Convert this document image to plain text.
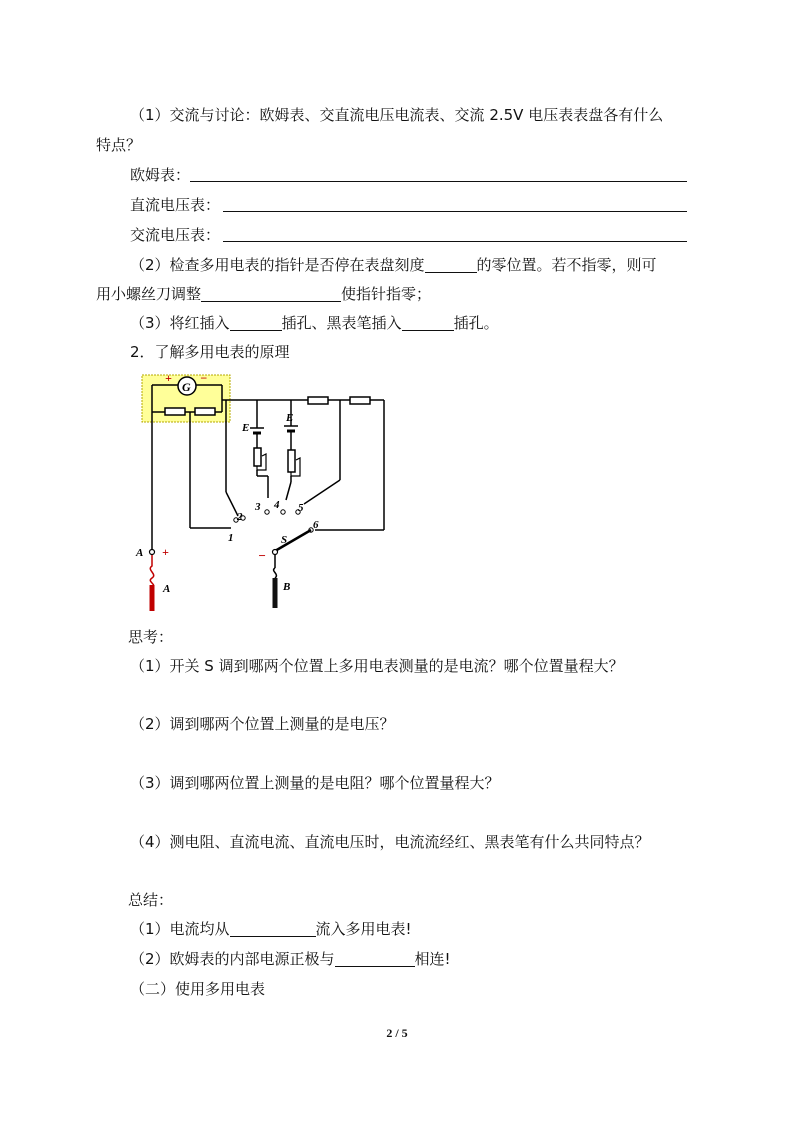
（1）交流与讨论：欧姆表、交直流电压电流表、交流 2.5V 电压表表盘各有什么
特点？
欧姆表：
直流电压表：
交流电压表：
（2）检查多用电表的指针是否停在表盘刻度	的零位置。若不指零，则可
用小螺丝刀调整	使指针指零；
（3）将红插入	插孔、黑表笔插入	插孔。
2．了解多用电表的原理
G
+ −
E
E
1
2
3 4 5
6
S
−
A +
A	B
思考：
（1）开关 S 调到哪两个位置上多用电表测量的是电流？哪个位置量程大？
（2）调到哪两个位置上测量的是电压？
（3）调到哪两位置上测量的是电阻？哪个位置量程大？
（4）测电阻、直流电流、直流电压时，电流流经红、黑表笔有什么共同特点？
总结：
（1）电流均从	流入多用电表!
（2）欧姆表的内部电源正极与	相连!
（二）使用多用电表
2 / 5
